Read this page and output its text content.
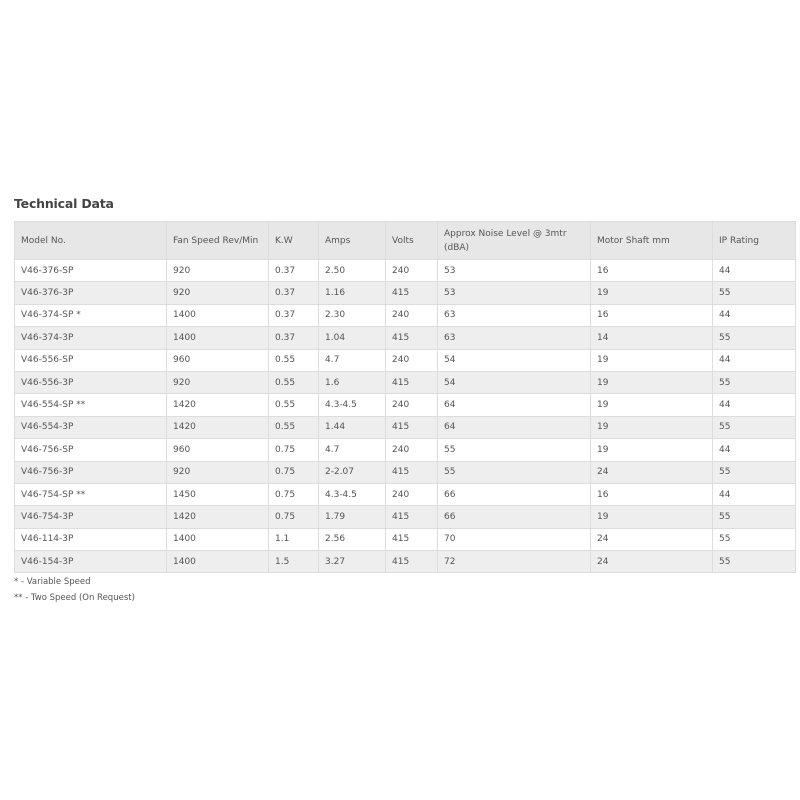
Technical Data
Model No.	Fan Speed Rev/Min	K.W	Amps	Volts	Approx Noise Level @ 3mtr (dBA)	Motor Shaft mm	IP Rating
V46-376-SP	920	0.37	2.50	240	53	16	44
V46-376-3P	920	0.37	1.16	415	53	19	55
V46-374-SP *	1400	0.37	2.30	240	63	16	44
V46-374-3P	1400	0.37	1.04	415	63	14	55
V46-556-SP	960	0.55	4.7	240	54	19	44
V46-556-3P	920	0.55	1.6	415	54	19	55
V46-554-SP **	1420	0.55	4.3-4.5	240	64	19	44
V46-554-3P	1420	0.55	1.44	415	64	19	55
V46-756-SP	960	0.75	4.7	240	55	19	44
V46-756-3P	920	0.75	2-2.07	415	55	24	55
V46-754-SP **	1450	0.75	4.3-4.5	240	66	16	44
V46-754-3P	1420	0.75	1.79	415	66	19	55
V46-114-3P	1400	1.1	2.56	415	70	24	55
V46-154-3P	1400	1.5	3.27	415	72	24	55
* - Variable Speed
** - Two Speed (On Request)
